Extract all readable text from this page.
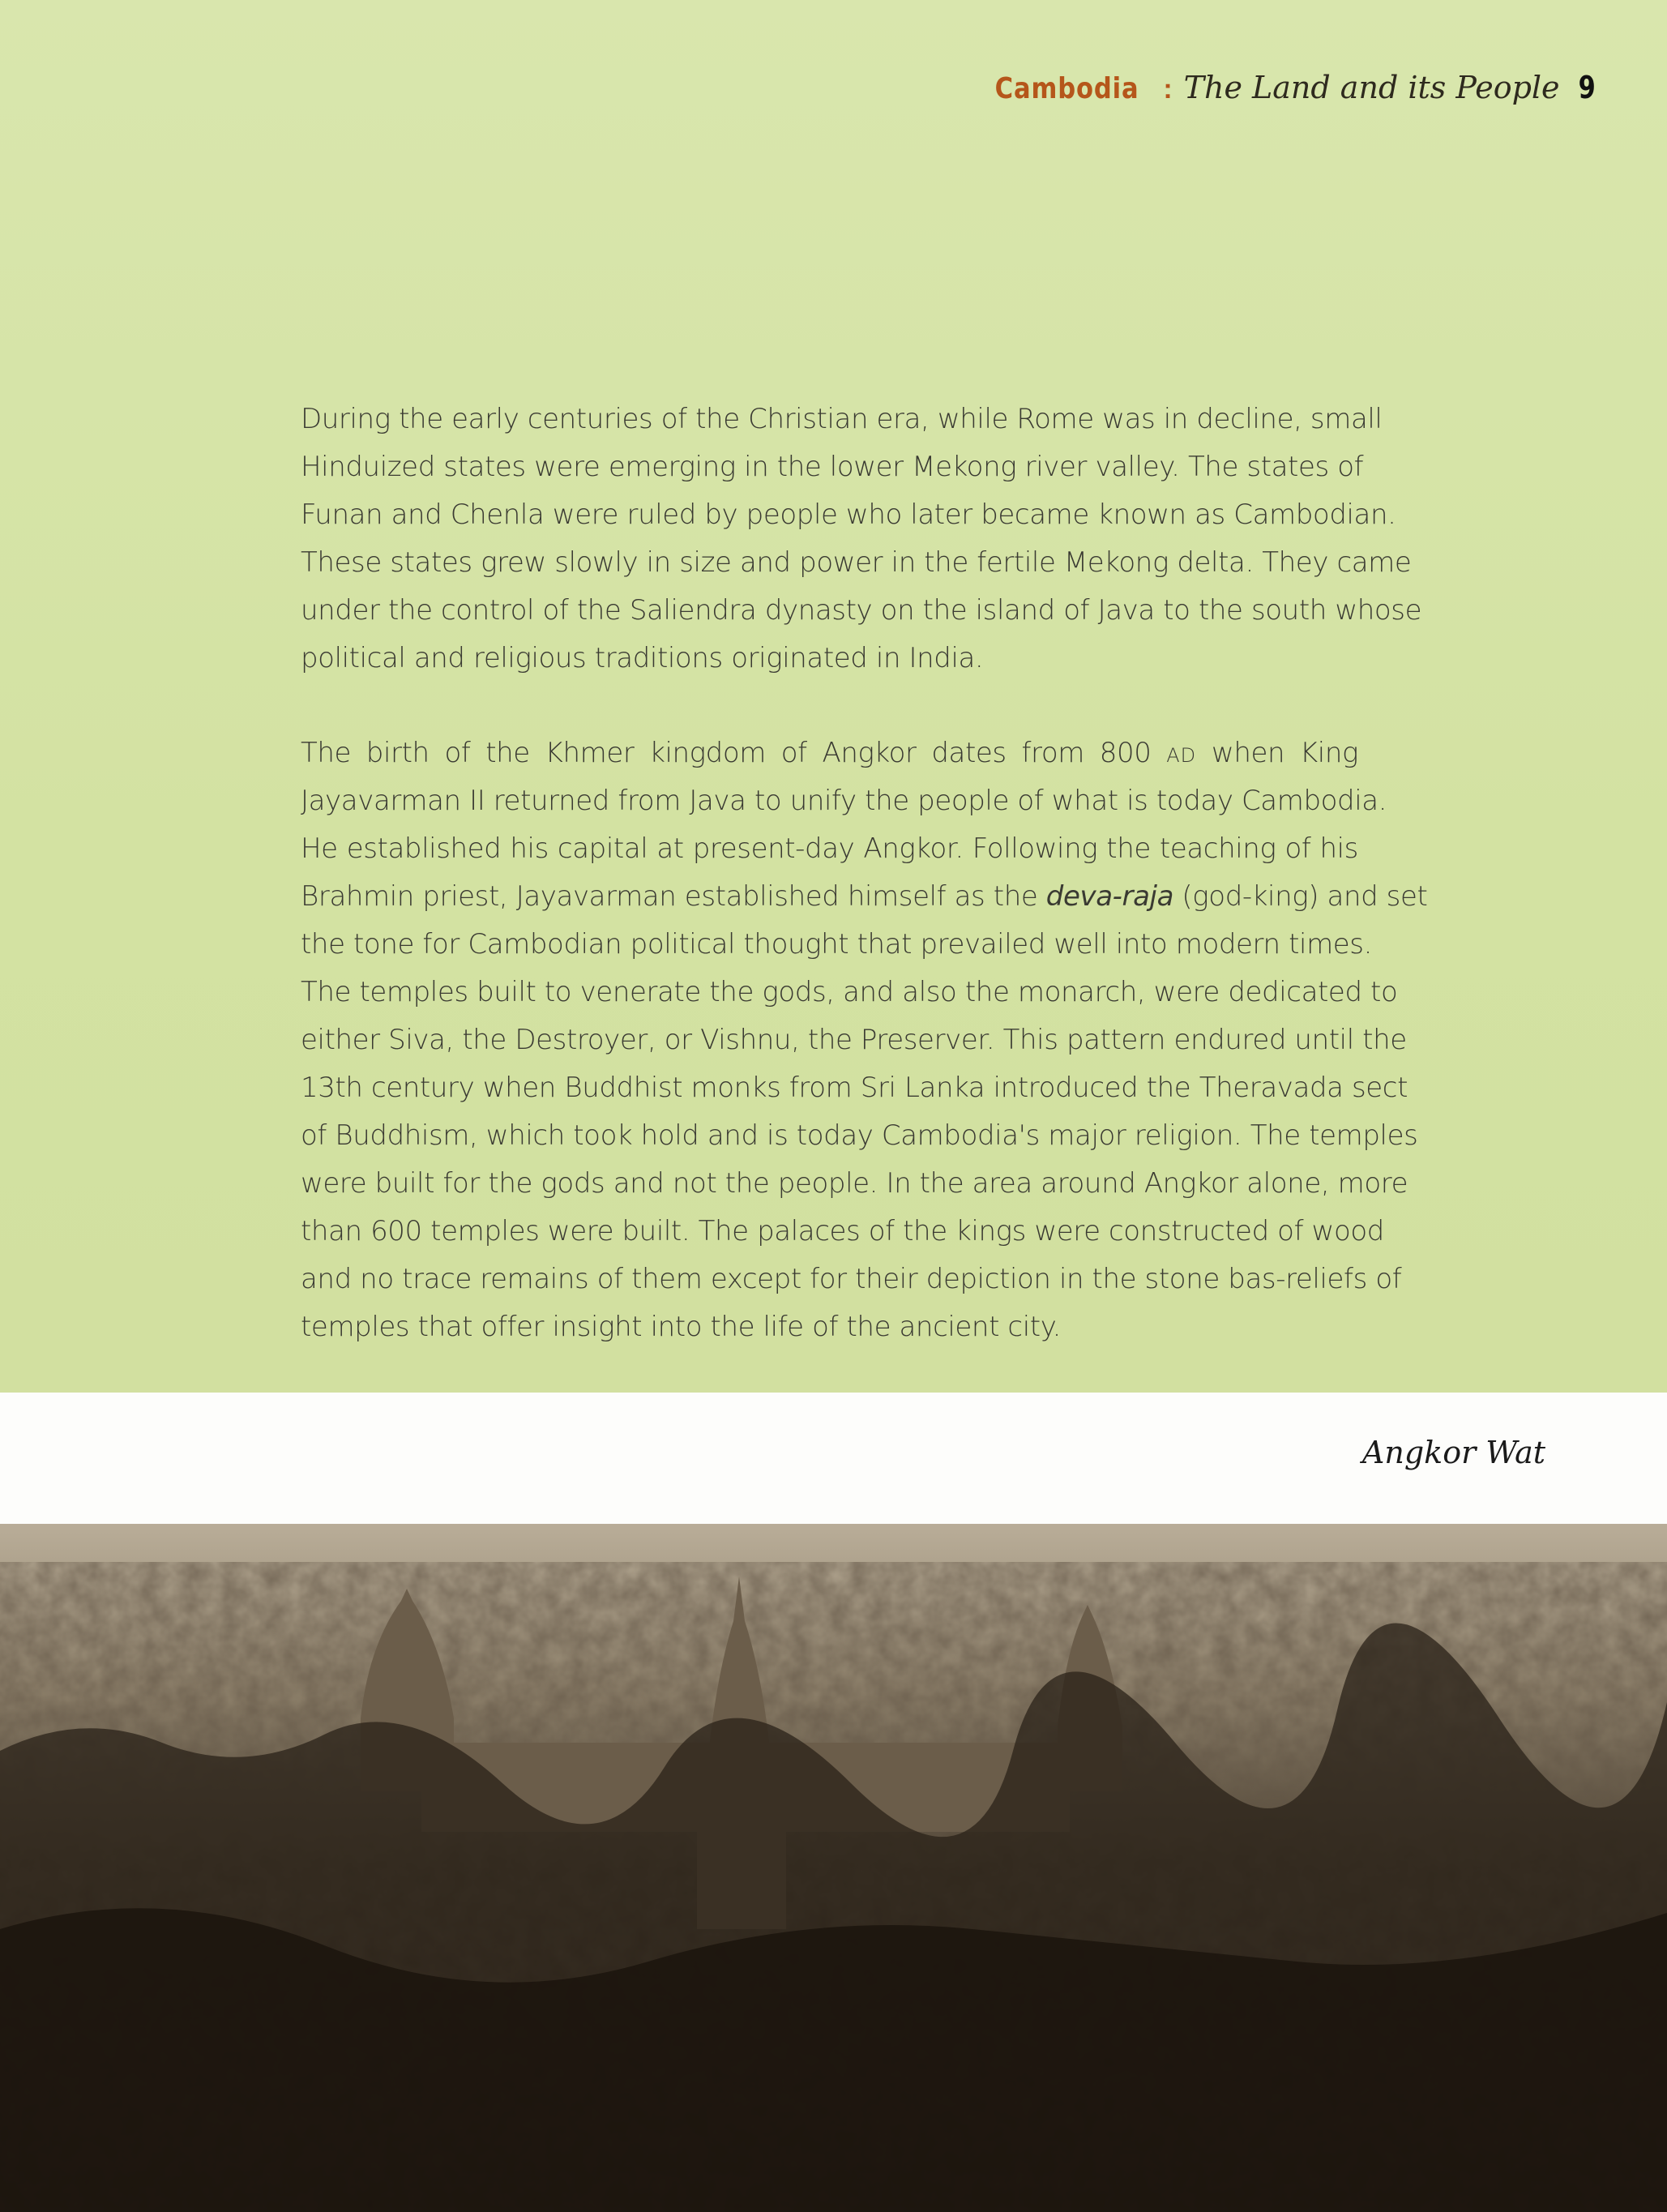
Cambodia : The Land and its People 9
During the early centuries of the Christian era, while Rome was in decline, small
Hinduized states were emerging in the lower Mekong river valley. The states of
Funan and Chenla were ruled by people who later became known as Cambodian.
These states grew slowly in size and power in the fertile Mekong delta. They came
under the control of the Saliendra dynasty on the island of Java to the south whose
political and religious traditions originated in India.
The birth of the Khmer kingdom of Angkor dates from 800 AD when King
Jayavarman II returned from Java to unify the people of what is today Cambodia.
He established his capital at present-day Angkor. Following the teaching of his
Brahmin priest, Jayavarman established himself as the deva-raja (god-king) and set
the tone for Cambodian political thought that prevailed well into modern times.
The temples built to venerate the gods, and also the monarch, were dedicated to
either Siva, the Destroyer, or Vishnu, the Preserver. This pattern endured until the
13th century when Buddhist monks from Sri Lanka introduced the Theravada sect
of Buddhism, which took hold and is today Cambodia's major religion. The temples
were built for the gods and not the people. In the area around Angkor alone, more
than 600 temples were built. The palaces of the kings were constructed of wood
and no trace remains of them except for their depiction in the stone bas-reliefs of
temples that offer insight into the life of the ancient city.
Angkor Wat
